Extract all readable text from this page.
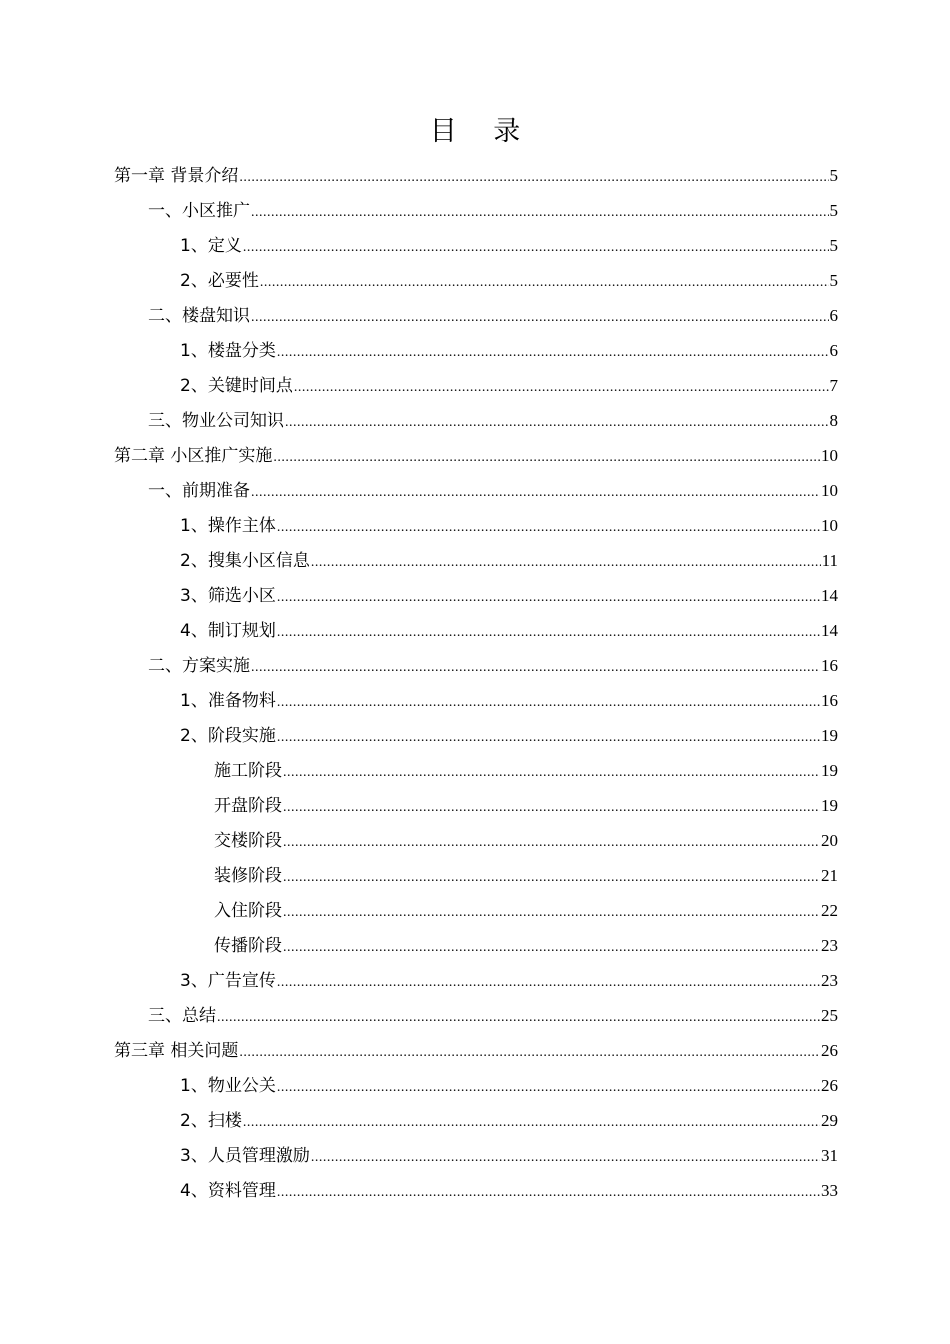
目 录
第一章 背景介绍 .....	5
一、小区推广 .....	5
1、定义 .....	5
2、必要性 .....	5
二、楼盘知识 .....	6
1、楼盘分类 .....	6
2、关键时间点 .....	7
三、物业公司知识 .....	8
第二章 小区推广实施 .....	10
一、前期准备 .....	10
1、操作主体 .....	10
2、搜集小区信息 .....	11
3、筛选小区 .....	14
4、制订规划 .....	14
二、方案实施 .....	16
1、准备物料 .....	16
2、阶段实施 .....	19
施工阶段 .....	19
开盘阶段 .....	19
交楼阶段 .....	20
装修阶段 .....	21
入住阶段 .....	22
传播阶段 .....	23
3、广告宣传 .....	23
三、总结 .....	25
第三章 相关问题 .....	26
1、物业公关 .....	26
2、扫楼 .....	29
3、人员管理激励 .....	31
4、资料管理 .....	33
